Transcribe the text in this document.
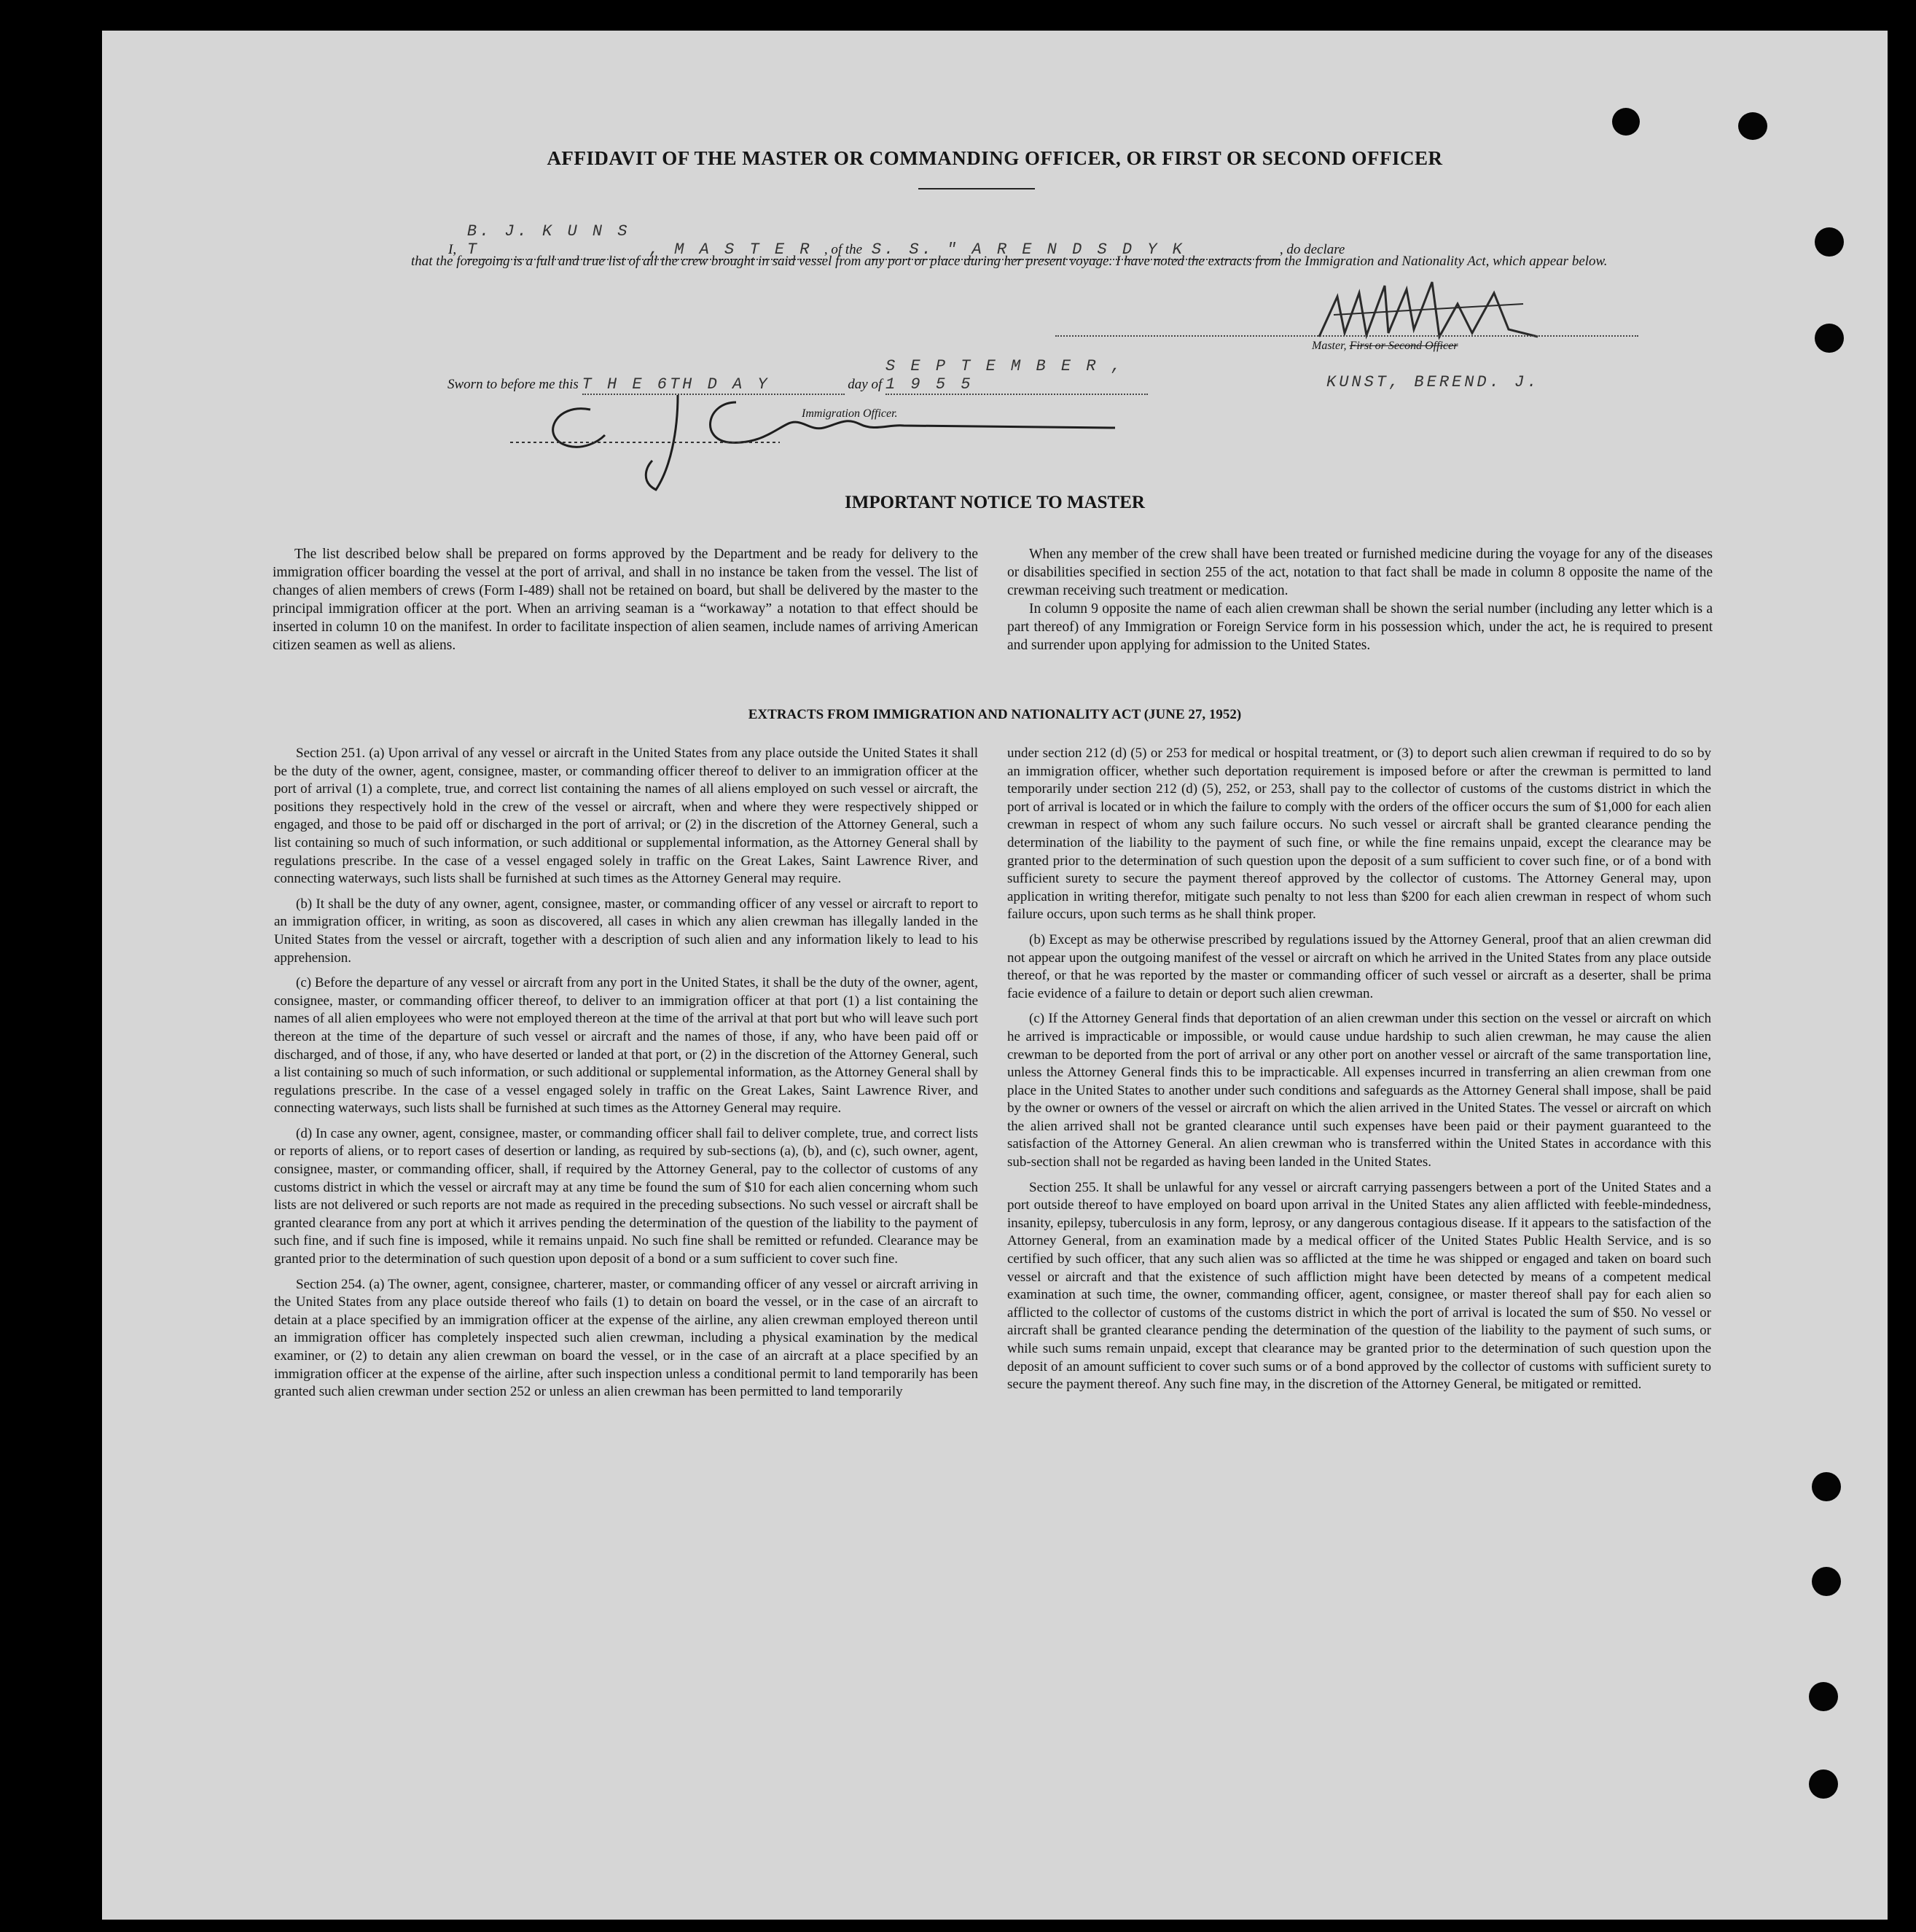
AFFIDAVIT OF THE MASTER OR COMMANDING OFFICER, OR FIRST OR SECOND OFFICER
I, B. J. K U N S T	, M A S T E R , of the S. S. " A R E N D S D Y K	, do declare
that the foregoing is a full and true list of all the crew brought in said vessel from any port or place during her present voyage. I have noted the extracts from the Immigration and Nationality Act, which appear below.
Master, First or Second Officer
Sworn to before me this T H E 6TH D A Y	day of S E P T E M B E R , 1 9 5 5	KUNST, BEREND. J.
Immigration Officer.
IMPORTANT NOTICE TO MASTER

The list described below shall be prepared on forms approved by the Department and be ready for delivery to the immigration officer boarding the vessel at the port of arrival, and shall in no instance be taken from the vessel. The list of changes of alien members of crews (Form I-489) shall not be retained on board, but shall be delivered by the master to the principal immigration officer at the port. When an arriving seaman is a “workaway” a notation to that effect should be inserted in column 10 on the manifest. In order to facilitate inspection of alien seamen, include names of arriving American citizen seamen as well as aliens.

When any member of the crew shall have been treated or furnished medicine during the voyage for any of the diseases or disabilities specified in section 255 of the act, notation to that fact shall be made in column 8 opposite the name of the crewman receiving such treatment or medication.

In column 9 opposite the name of each alien crewman shall be shown the serial number (including any letter which is a part thereof) of any Immigration or Foreign Service form in his possession which, under the act, he is required to present and surrender upon applying for admission to the United States.

EXTRACTS FROM IMMIGRATION AND NATIONALITY ACT (JUNE 27, 1952)

Section 251. (a) Upon arrival of any vessel or aircraft in the United States from any place outside the United States it shall be the duty of the owner, agent, consignee, master, or commanding officer thereof to deliver to an immigration officer at the port of arrival (1) a complete, true, and correct list containing the names of all aliens employed on such vessel or aircraft, the positions they respectively hold in the crew of the vessel or aircraft, when and where they were respectively shipped or engaged, and those to be paid off or discharged in the port of arrival; or (2) in the discretion of the Attorney General, such a list containing so much of such information, or such additional or supplemental information, as the Attorney General shall by regulations prescribe. In the case of a vessel engaged solely in traffic on the Great Lakes, Saint Lawrence River, and connecting waterways, such lists shall be furnished at such times as the Attorney General may require.

(b) It shall be the duty of any owner, agent, consignee, master, or commanding officer of any vessel or aircraft to report to an immigration officer, in writing, as soon as discovered, all cases in which any alien crewman has illegally landed in the United States from the vessel or aircraft, together with a description of such alien and any information likely to lead to his apprehension.

(c) Before the departure of any vessel or aircraft from any port in the United States, it shall be the duty of the owner, agent, consignee, master, or commanding officer thereof, to deliver to an immigration officer at that port (1) a list containing the names of all alien employees who were not employed thereon at the time of the arrival at that port but who will leave such port thereon at the time of the departure of such vessel or aircraft and the names of those, if any, who have been paid off or discharged, and of those, if any, who have deserted or landed at that port, or (2) in the discretion of the Attorney General, such a list containing so much of such information, or such additional or supplemental information, as the Attorney General shall by regulations prescribe. In the case of a vessel engaged solely in traffic on the Great Lakes, Saint Lawrence River, and connecting waterways, such lists shall be furnished at such times as the Attorney General may require.

(d) In case any owner, agent, consignee, master, or commanding officer shall fail to deliver complete, true, and correct lists or reports of aliens, or to report cases of desertion or landing, as required by sub-sections (a), (b), and (c), such owner, agent, consignee, master, or commanding officer, shall, if required by the Attorney General, pay to the collector of customs of any customs district in which the vessel or aircraft may at any time be found the sum of $10 for each alien concerning whom such lists are not delivered or such reports are not made as required in the preceding subsections. No such vessel or aircraft shall be granted clearance from any port at which it arrives pending the determination of the question of the liability to the payment of such fine, and if such fine is imposed, while it remains unpaid. No such fine shall be remitted or refunded. Clearance may be granted prior to the determination of such question upon deposit of a bond or a sum sufficient to cover such fine.

Section 254. (a) The owner, agent, consignee, charterer, master, or commanding officer of any vessel or aircraft arriving in the United States from any place outside thereof who fails (1) to detain on board the vessel, or in the case of an aircraft to detain at a place specified by an immigration officer at the expense of the airline, any alien crewman employed thereon until an immigration officer has completely inspected such alien crewman, including a physical examination by the medical examiner, or (2) to detain any alien crewman on board the vessel, or in the case of an aircraft at a place specified by an immigration officer at the expense of the airline, after such inspection unless a conditional permit to land temporarily has been granted such alien crewman under section 252 or unless an alien crewman has been permitted to land temporarily

under section 212 (d) (5) or 253 for medical or hospital treatment, or (3) to deport such alien crewman if required to do so by an immigration officer, whether such deportation requirement is imposed before or after the crewman is permitted to land temporarily under section 212 (d) (5), 252, or 253, shall pay to the collector of customs of the customs district in which the port of arrival is located or in which the failure to comply with the orders of the officer occurs the sum of $1,000 for each alien crewman in respect of whom any such failure occurs. No such vessel or aircraft shall be granted clearance pending the determination of the liability to the payment of such fine, or while the fine remains unpaid, except the clearance may be granted prior to the determination of such question upon the deposit of a sum sufficient to cover such fine, or of a bond with sufficient surety to secure the payment thereof approved by the collector of customs. The Attorney General may, upon application in writing therefor, mitigate such penalty to not less than $200 for each alien crewman in respect of whom such failure occurs, upon such terms as he shall think proper.

(b) Except as may be otherwise prescribed by regulations issued by the Attorney General, proof that an alien crewman did not appear upon the outgoing manifest of the vessel or aircraft on which he arrived in the United States from any place outside thereof, or that he was reported by the master or commanding officer of such vessel or aircraft as a deserter, shall be prima facie evidence of a failure to detain or deport such alien crewman.

(c) If the Attorney General finds that deportation of an alien crewman under this section on the vessel or aircraft on which he arrived is impracticable or impossible, or would cause undue hardship to such alien crewman, he may cause the alien crewman to be deported from the port of arrival or any other port on another vessel or aircraft of the same transportation line, unless the Attorney General finds this to be impracticable. All expenses incurred in transferring an alien crewman from one place in the United States to another under such conditions and safeguards as the Attorney General shall impose, shall be paid by the owner or owners of the vessel or aircraft on which the alien arrived in the United States. The vessel or aircraft on which the alien arrived shall not be granted clearance until such expenses have been paid or their payment guaranteed to the satisfaction of the Attorney General. An alien crewman who is transferred within the United States in accordance with this sub-section shall not be regarded as having been landed in the United States.

Section 255. It shall be unlawful for any vessel or aircraft carrying passengers between a port of the United States and a port outside thereof to have employed on board upon arrival in the United States any alien afflicted with feeble-mindedness, insanity, epilepsy, tuberculosis in any form, leprosy, or any dangerous contagious disease. If it appears to the satisfaction of the Attorney General, from an examination made by a medical officer of the United States Public Health Service, and is so certified by such officer, that any such alien was so afflicted at the time he was shipped or engaged and taken on board such vessel or aircraft and that the existence of such affliction might have been detected by means of a competent medical examination at such time, the owner, commanding officer, agent, consignee, or master thereof shall pay for each alien so afflicted to the collector of customs of the customs district in which the port of arrival is located the sum of $50. No vessel or aircraft shall be granted clearance pending the determination of the question of the liability to the payment of such sums, or while such sums remain unpaid, except that clearance may be granted prior to the determination of such question upon the deposit of an amount sufficient to cover such sums or of a bond approved by the collector of customs with sufficient surety to secure the payment thereof. Any such fine may, in the discretion of the Attorney General, be mitigated or remitted.
